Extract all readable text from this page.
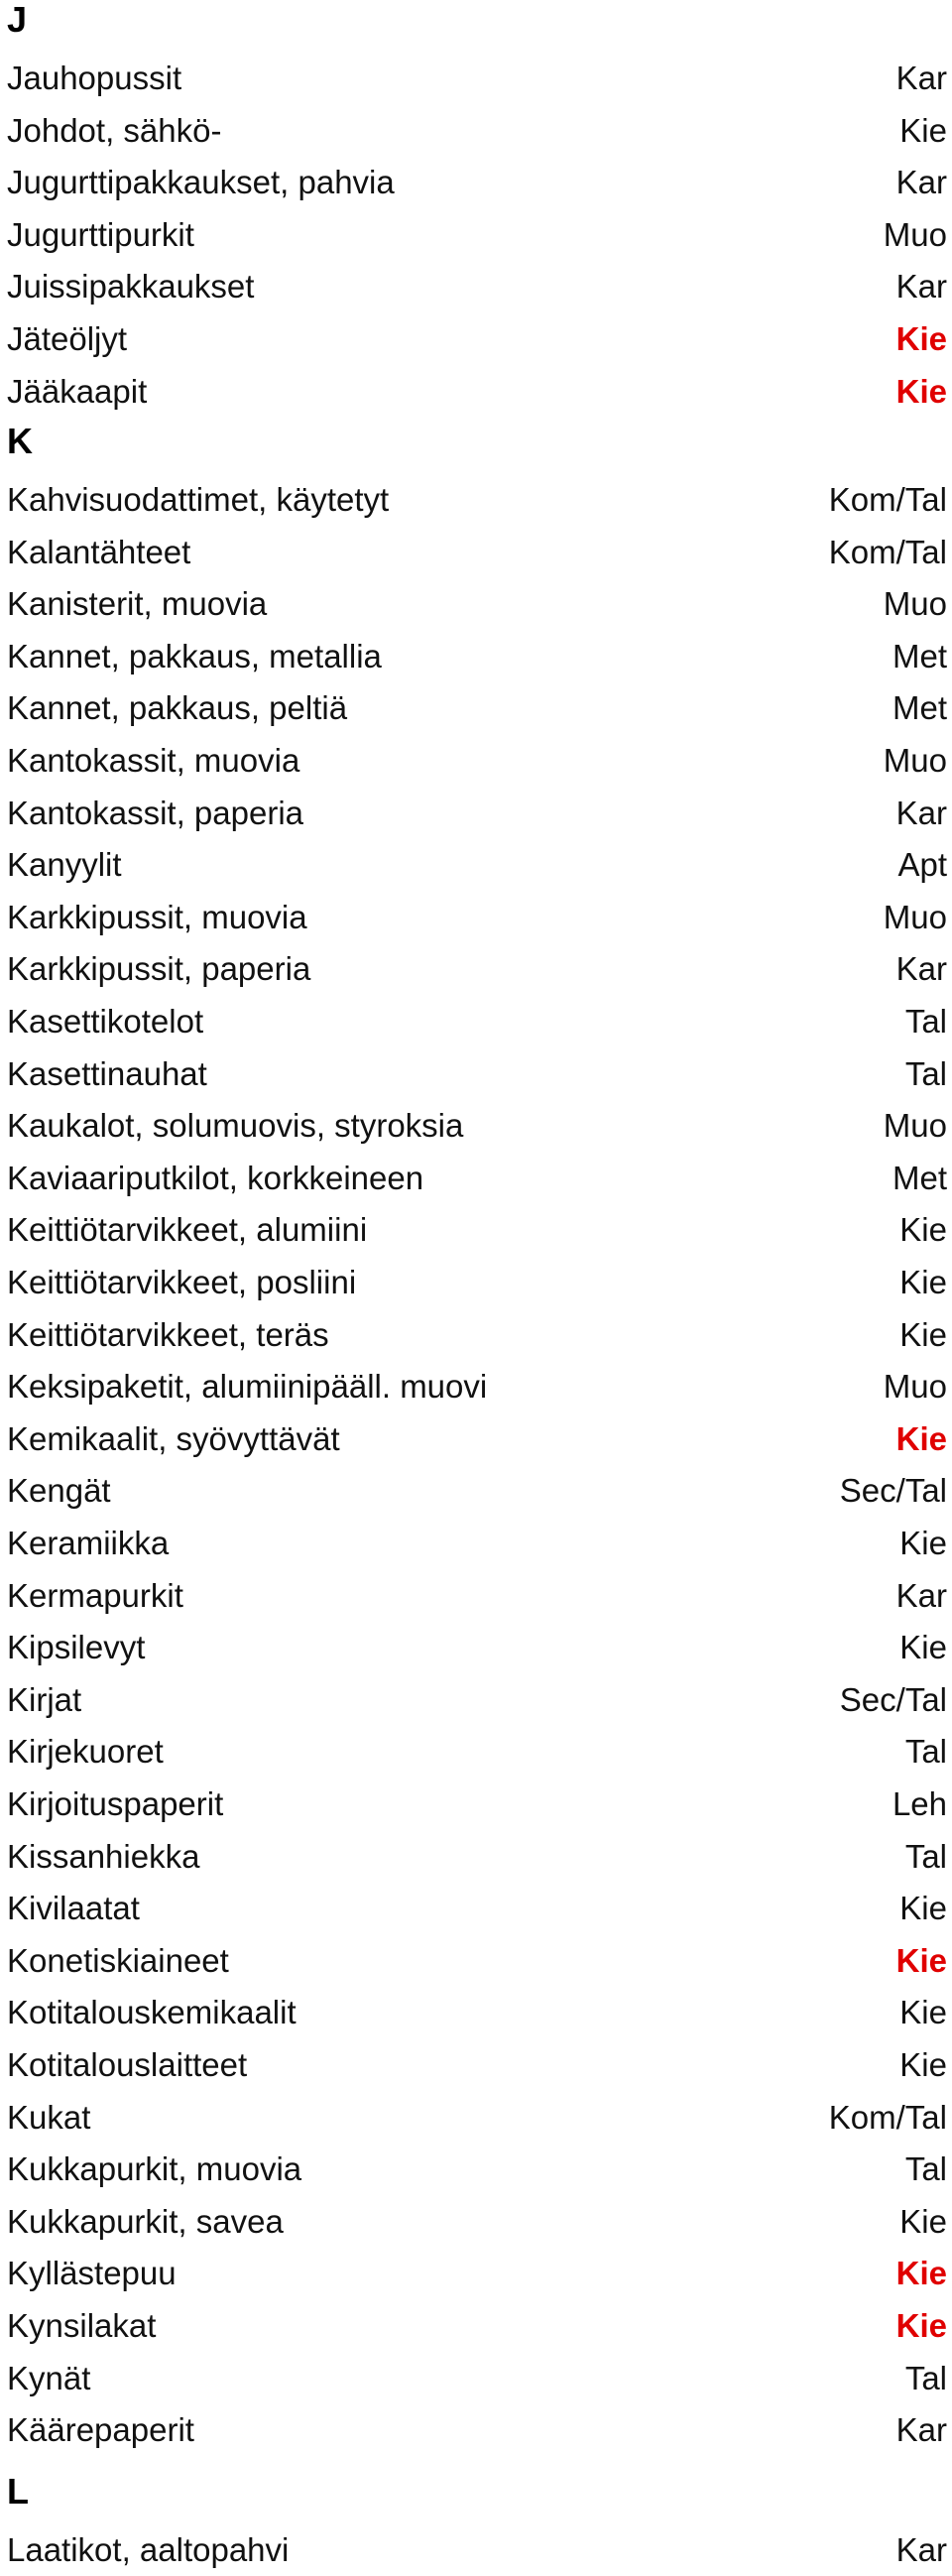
J
Jauhopussit	Kar
Johdot, sähkö-	Kie
Jugurttipakkaukset, pahvia	Kar
Jugurttipurkit	Muo
Juissipakkaukset	Kar
Jäteöljyt	Kie
Jääkaapit	Kie
K
Kahvisuodattimet, käytetyt	Kom/Tal
Kalantähteet	Kom/Tal
Kanisterit, muovia	Muo
Kannet, pakkaus, metallia	Met
Kannet, pakkaus, peltiä	Met
Kantokassit, muovia	Muo
Kantokassit, paperia	Kar
Kanyylit	Apt
Karkkipussit, muovia	Muo
Karkkipussit, paperia	Kar
Kasettikotelot	Tal
Kasettinauhat	Tal
Kaukalot, solumuovis, styroksia	Muo
Kaviaariputkilot, korkkeineen	Met
Keittiötarvikkeet, alumiini	Kie
Keittiötarvikkeet, posliini	Kie
Keittiötarvikkeet, teräs	Kie
Keksipaketit, alumiinipääll. muovi	Muo
Kemikaalit, syövyttävät	Kie
Kengät	Sec/Tal
Keramiikka	Kie
Kermapurkit	Kar
Kipsilevyt	Kie
Kirjat	Sec/Tal
Kirjekuoret	Tal
Kirjoituspaperit	Leh
Kissanhiekka	Tal
Kivilaatat	Kie
Konetiskiaineet	Kie
Kotitalouskemikaalit	Kie
Kotitalouslaitteet	Kie
Kukat	Kom/Tal
Kukkapurkit, muovia	Tal
Kukkapurkit, savea	Kie
Kyllästepuu	Kie
Kynsilakat	Kie
Kynät	Tal
Käärepaperit	Kar
L
Laatikot, aaltopahvi	Kar
